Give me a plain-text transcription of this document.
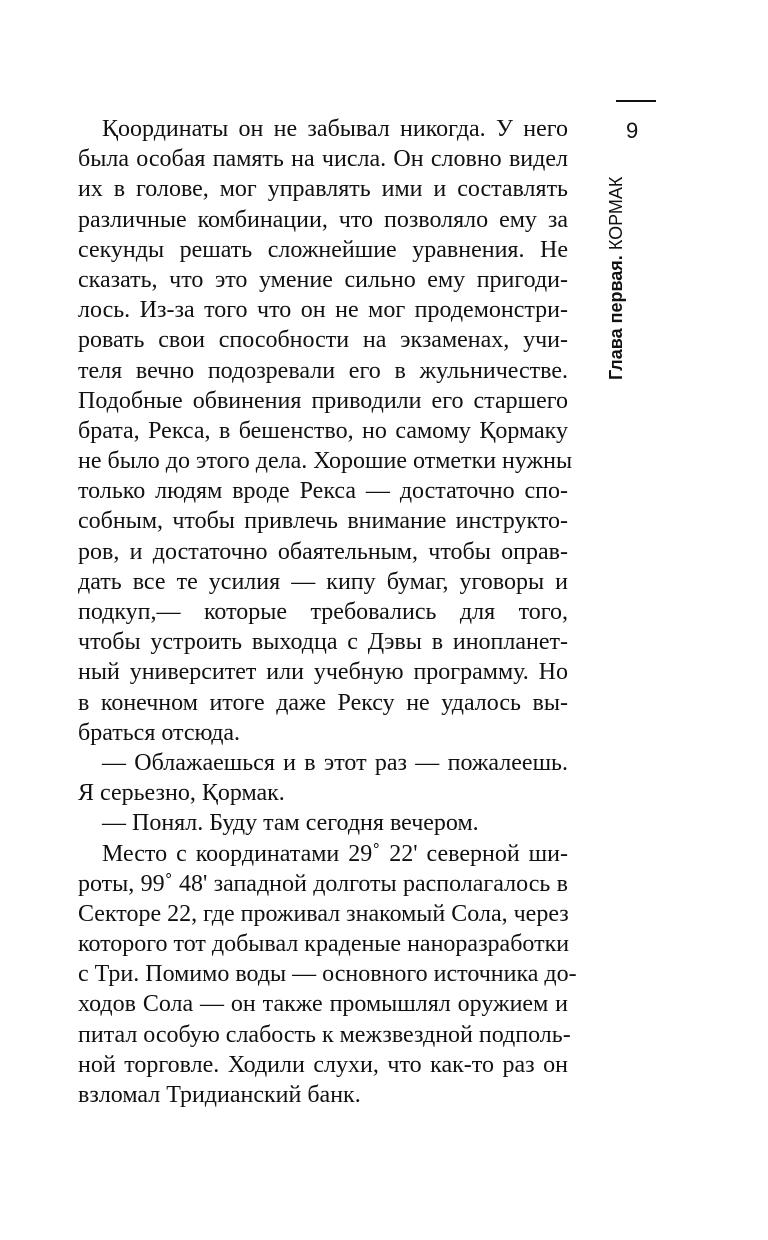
9
Глава первая. КОРМАК
Қоординаты он не забывал никогда. У него
была особая память на числа. Он словно видел
их в голове, мог управлять ими и составлять
различные комбинации, что позволяло ему за
секунды решать сложнейшие уравнения. Не
сказать, что это умение сильно ему пригоди-
лось. Из-за того что он не мог продемонстри-
ровать свои способности на экзаменах, учи-
теля вечно подозревали его в жульничестве.
Подобные обвинения приводили его старшего
брата, Рекса, в бешенство, но самому Қормаку
не было до этого дела. Хорошие отметки нужны
только людям вроде Рекса — достаточно спо-
собным, чтобы привлечь внимание инструкто-
ров, и достаточно обаятельным, чтобы оправ-
дать все те усилия — кипу бумаг, уговоры и
подкуп,— которые требовались для того,
чтобы устроить выходца с Дэвы в инопланет-
ный университет или учебную программу. Но
в конечном итоге даже Рексу не удалось вы-
браться отсюда.
— Облажаешься и в этот раз — пожалеешь.
Я серьезно, Қормак.
— Понял. Буду там сегодня вечером.
Место с координатами 29˚ 22' северной ши-
роты, 99˚ 48' западной долготы располагалось в
Секторе 22, где проживал знакомый Сола, через
которого тот добывал краденые наноразработки
с Три. Помимо воды — основного источника до-
ходов Сола — он также промышлял оружием и
питал особую слабость к межзвездной подполь-
ной торговле. Ходили слухи, что как-то раз он
взломал Тридианский банк.
